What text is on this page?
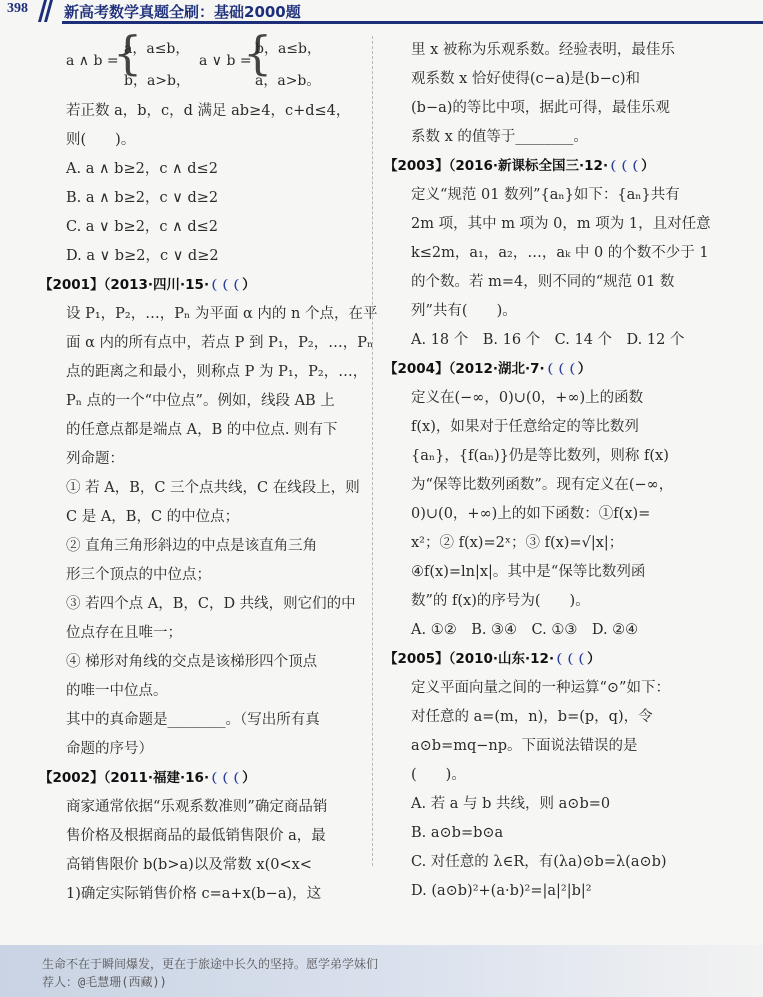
398 新高考数学真题全刷：基础2000题
a ∧ b =
{
a，a≤b，
b，a>b，
a ∨ b =
{
b，a≤b，
a，a>b。
若正数 a，b，c，d 满足 ab≥4，c+d≤4，
则(　　)。
A. a ∧ b≥2，c ∧ d≤2
B. a ∧ b≥2，c ∨ d≥2
C. a ∨ b≥2，c ∧ d≤2
D. a ∨ b≥2，c ∨ d≥2
【2001】（2013·四川·15· ）
设 P₁，P₂，…，Pₙ 为平面 α 内的 n 个点，在平
面 α 内的所有点中，若点 P 到 P₁，P₂，…，Pₙ
点的距离之和最小，则称点 P 为 P₁，P₂，…，
Pₙ 点的一个“中位点”。例如，线段 AB 上
的任意点都是端点 A，B 的中位点. 则有下
列命题：
① 若 A，B，C 三个点共线，C 在线段上，则
C 是 A，B，C 的中位点；
② 直角三角形斜边的中点是该直角三角
形三个顶点的中位点；
③ 若四个点 A，B，C，D 共线，则它们的中
位点存在且唯一；
④ 梯形对角线的交点是该梯形四个顶点
的唯一中位点。
其中的真命题是________。（写出所有真
命题的序号）
【2002】（2011·福建·16· ）
商家通常依据“乐观系数准则”确定商品销
售价格及根据商品的最低销售限价 a，最
高销售限价 b(b>a)以及常数 x(0<x<
1)确定实际销售价格 c=a+x(b−a)，这
里 x 被称为乐观系数。经验表明，最佳乐
观系数 x 恰好使得(c−a)是(b−c)和
(b−a)的等比中项，据此可得，最佳乐观
系数 x 的值等于________。
【2003】（2016·新课标全国三·12· ）
定义“规范 01 数列”{aₙ}如下：{aₙ}共有
2m 项，其中 m 项为 0，m 项为 1，且对任意
k≤2m，a₁，a₂，…，aₖ 中 0 的个数不少于 1
的个数。若 m=4，则不同的“规范 01 数
列”共有(　　)。
A. 18 个　B. 16 个　C. 14 个　D. 12 个
【2004】（2012·湖北·7· ）
定义在(−∞，0)∪(0，+∞)上的函数
f(x)，如果对于任意给定的等比数列
{aₙ}，{f(aₙ)}仍是等比数列，则称 f(x)
为“保等比数列函数”。现有定义在(−∞，
0)∪(0，+∞)上的如下函数：①f(x)=
x²；② f(x)=2ˣ；③ f(x)=√|x|；
④f(x)=ln|x|。其中是“保等比数列函
数”的 f(x)的序号为(　　)。
A. ①②　B. ③④　C. ①③　D. ②④
【2005】（2010·山东·12· ）
定义平面向量之间的一种运算“⊙”如下：
对任意的 a=(m，n)，b=(p，q)，令
a⊙b=mq−np。下面说法错误的是
(　　)。
A. 若 a 与 b 共线，则 a⊙b=0
B. a⊙b=b⊙a
C. 对任意的 λ∈R，有(λa)⊙b=λ(a⊙b)
D. (a⊙b)²+(a·b)²=|a|²|b|²
生命不在于瞬间爆发，更在于旅途中长久的坚持。愿学弟学妹们
荐人：@毛慧珊(西藏))
